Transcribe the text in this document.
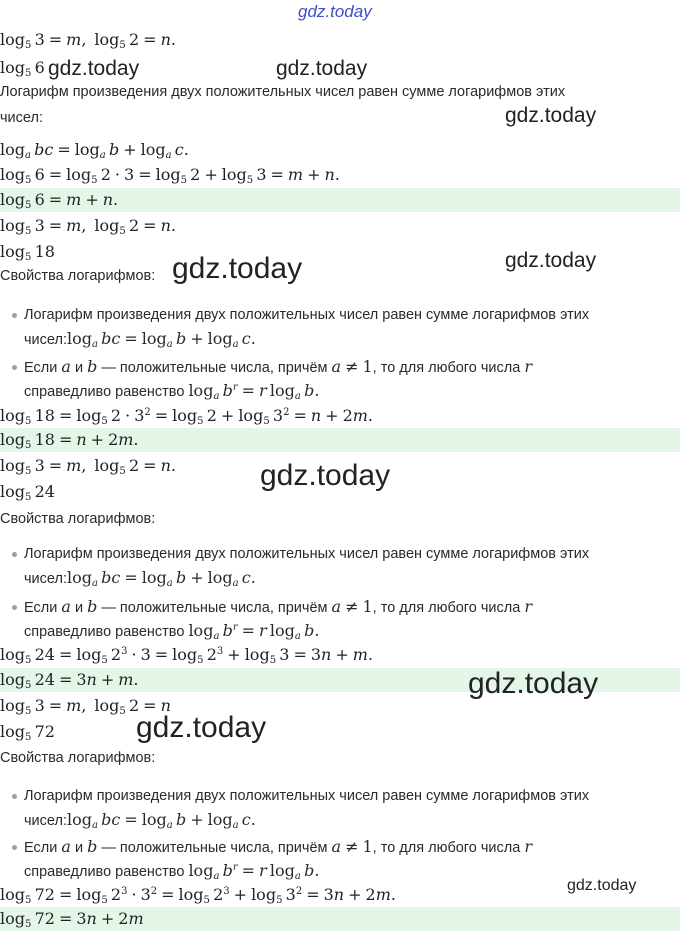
gdz.today
$\log_5 3 = m$, $\log_5 2 = n$.
$\log_5 6$ gdz.today	gdz.today
Логарифм произведения двух положительных чисел равен сумме логарифмов этих
чисел:	gdz.today
$\log_a$  bc = $\log_a b + \log_a c$.
$\log_5 6 = \log_5 2 \cdot 3 = \log_5 2 + \log_5 3 = m + n$.
$\log_5 6 = m + n$.
$\log_5 3 = m$, $\log_5 2 = n$.
$\log_5 18$
Свойства логарифмов: gdz.today	gdz.today
Логарифм произведения двух положительных чисел равен сумме логарифмов этих
$чисел:\log_a$  bc = $\log_a b + \log_a c$.
Если a и b — положительные числа, причём a ≠ 1, то для любого числа r
справедливо равенство $\log_a b^r = r$ $\log_a b$.
$\log_5 18 = \log_5 2 \cdot 3^2 = \log_5 2 + \log_5 3^2 = n + 2m$.
$\log_5 18 = n + 2m$.
$\log_5 3 = m$, $\log_5 2 = n$.	gdz.today
$\log_5 24$
Свойства логарифмов:
Логарифм произведения двух положительных чисел равен сумме логарифмов этих
$чисел:\log_a$  bc = $\log_a b + \log_a c$.
Если a и b — положительные числа, причём a ≠ 1, то для любого числа r
справедливо равенство $\log_a b^r = r$ $\log_a b$.
$\log_5 24 = \log_5 2^3 \cdot 3 = \log_5 2^3 + \log_5 3 = 3n + m$.
$\log_5 24 = 3n + m$.	gdz.today
$\log_5 3 = m$, $\log_5 2 = n$
$\log_5 72$	gdz.today
Свойства логарифмов:
Логарифм произведения двух положительных чисел равен сумме логарифмов этих
$чисел:\log_a$  bc = $\log_a b + \log_a c$.
Если a и b — положительные числа, причём a ≠ 1, то для любого числа r
справедливо равенство $\log_a b^r = r$ $\log_a b$.
$\log_5 72 = \log_5 2^3 \cdot 3^2 = \log_5 2^3 + \log_5 3^2 = 3n + 2m$.	gdz.today
$\log_5 72 = 3n + 2m$
